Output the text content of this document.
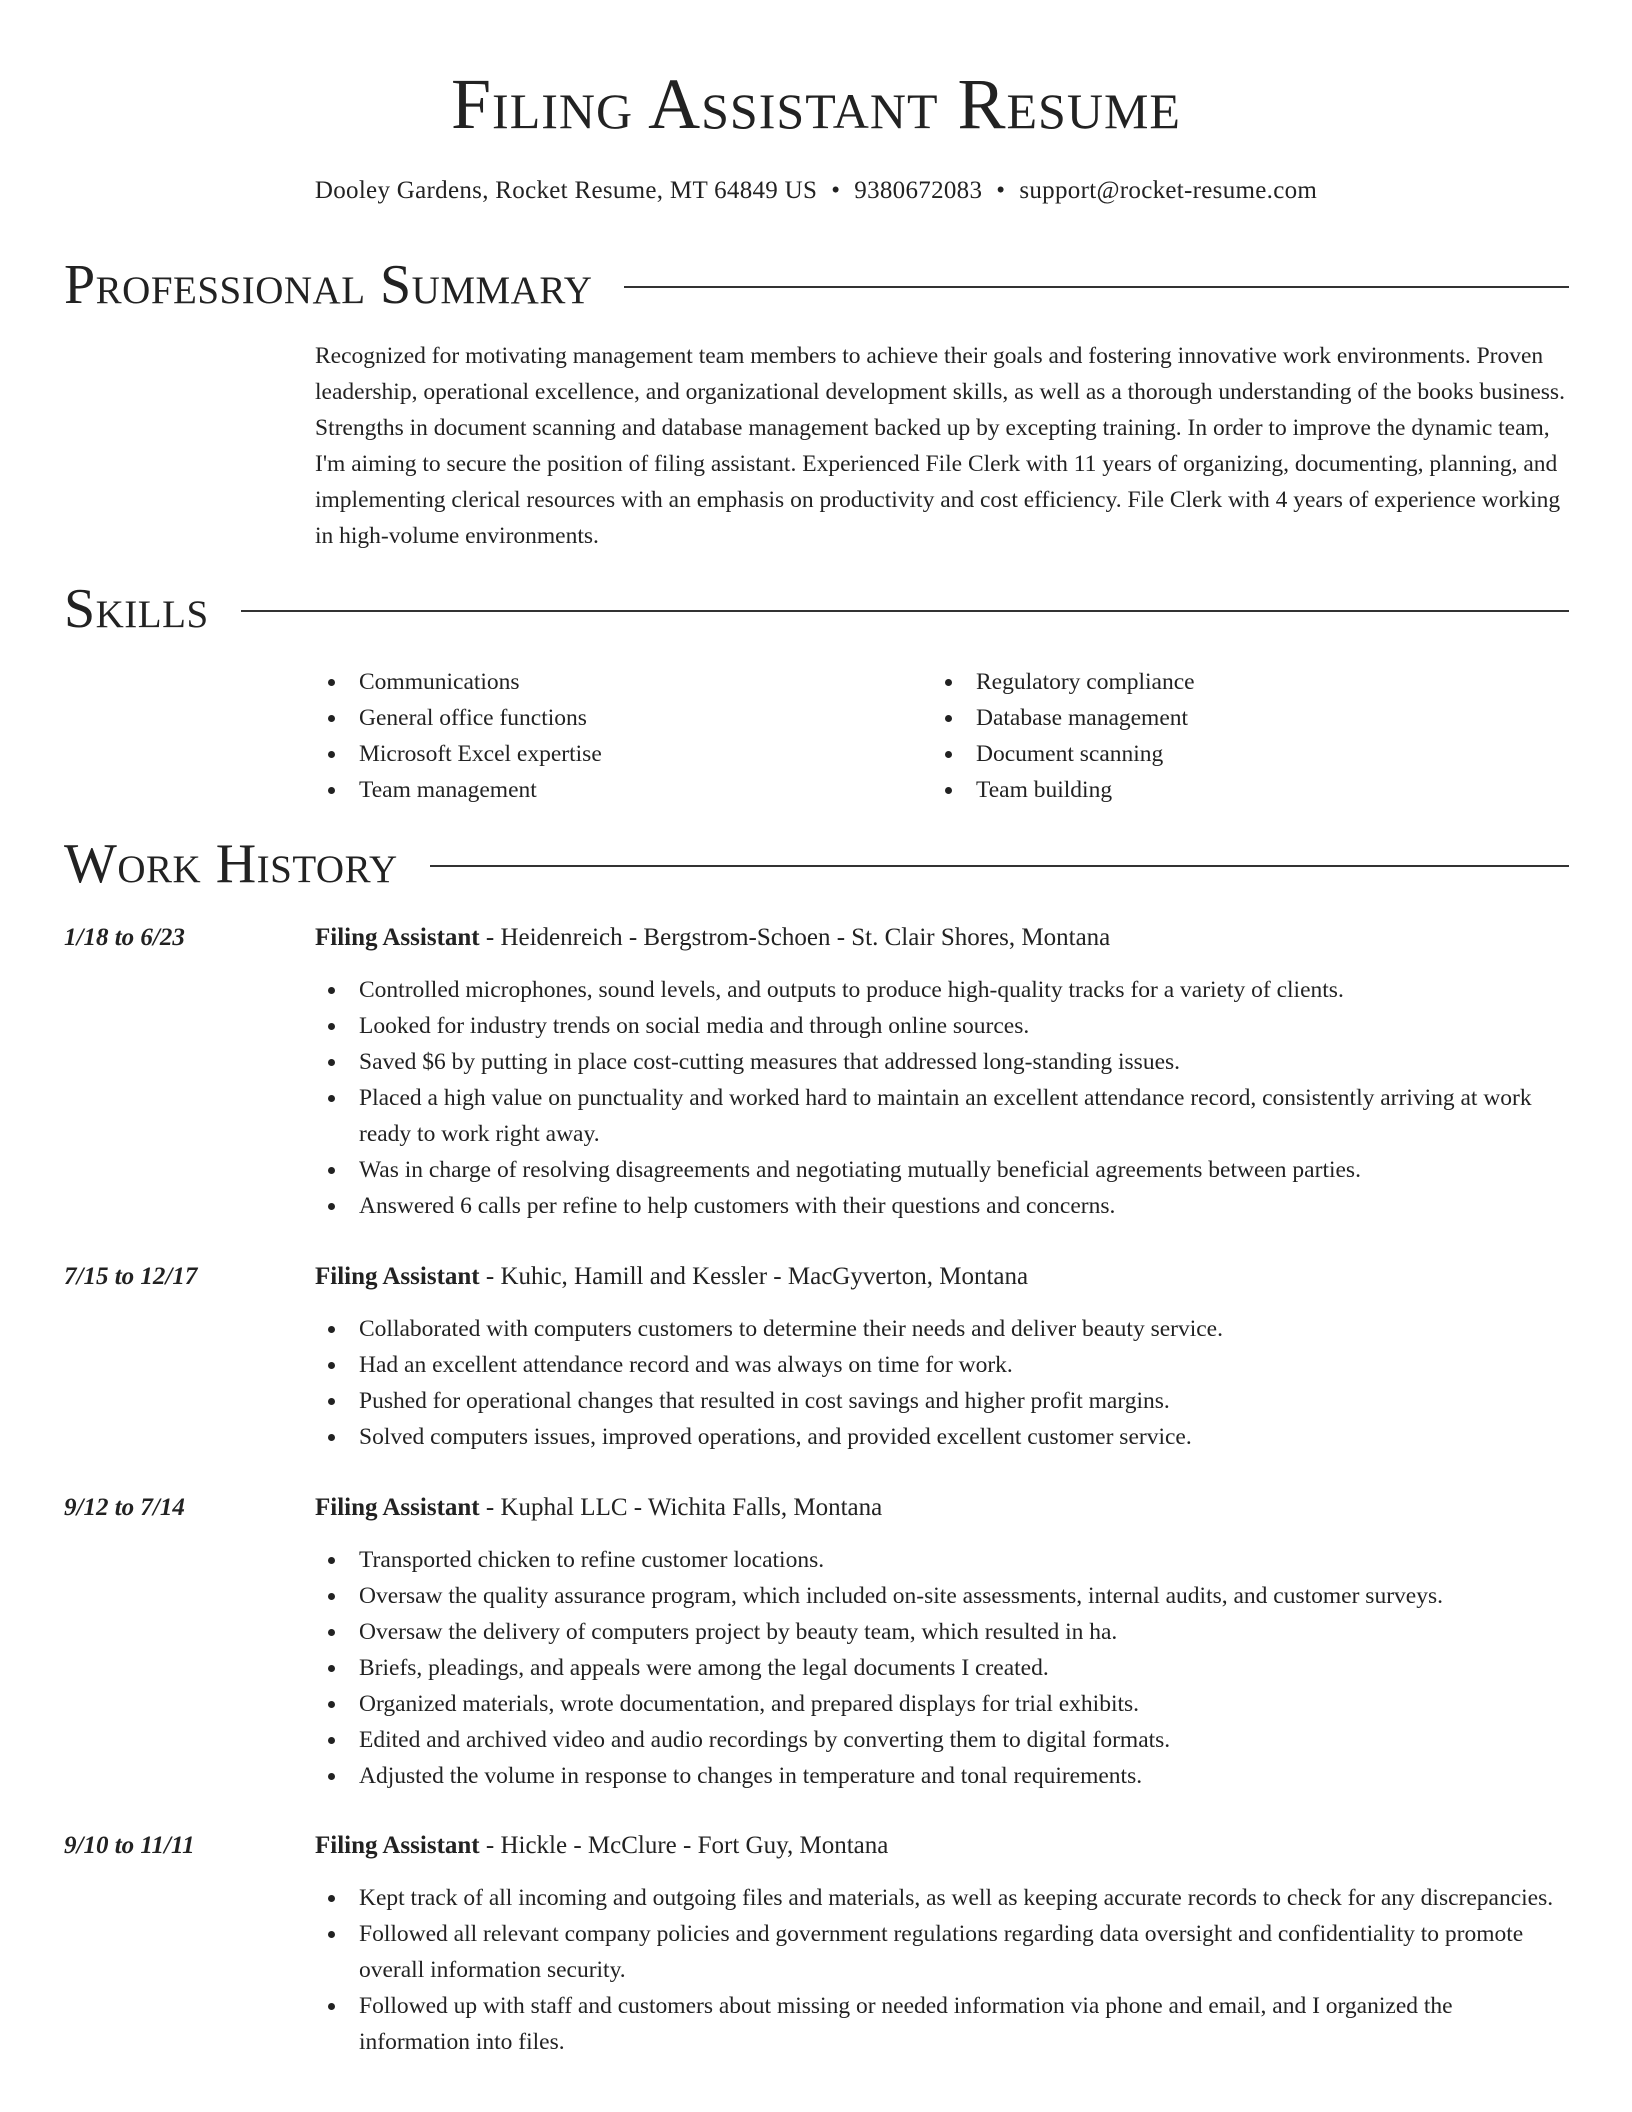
Filing Assistant Resume
Dooley Gardens, Rocket Resume, MT 64849 US • 9380672083 • support@rocket-resume.com
Professional Summary

Recognized for motivating management team members to achieve their goals and fostering innovative work environments. Proven leadership, operational excellence, and organizational development skills, as well as a thorough understanding of the books business. Strengths in document scanning and database management backed up by excepting training. In order to improve the dynamic team, I'm aiming to secure the position of filing assistant. Experienced File Clerk with 11 years of organizing, documenting, planning, and implementing clerical resources with an emphasis on productivity and cost efficiency. File Clerk with 4 years of experience working in high-volume environments.

Skills
Communications
General office functions
Microsoft Excel expertise
Team management
Regulatory compliance
Database management
Document scanning
Team building
Work History
1/18 to 6/23	Filing Assistant - Heidenreich - Bergstrom-Schoen - St. Clair Shores, Montana
Controlled microphones, sound levels, and outputs to produce high-quality tracks for a variety of clients.
Looked for industry trends on social media and through online sources.
Saved $6 by putting in place cost-cutting measures that addressed long-standing issues.
Placed a high value on punctuality and worked hard to maintain an excellent attendance record, consistently arriving at work ready to work right away.
Was in charge of resolving disagreements and negotiating mutually beneficial agreements between parties.
Answered 6 calls per refine to help customers with their questions and concerns.
7/15 to 12/17	Filing Assistant - Kuhic, Hamill and Kessler - MacGyverton, Montana
Collaborated with computers customers to determine their needs and deliver beauty service.
Had an excellent attendance record and was always on time for work.
Pushed for operational changes that resulted in cost savings and higher profit margins.
Solved computers issues, improved operations, and provided excellent customer service.
9/12 to 7/14	Filing Assistant - Kuphal LLC - Wichita Falls, Montana
Transported chicken to refine customer locations.
Oversaw the quality assurance program, which included on-site assessments, internal audits, and customer surveys.
Oversaw the delivery of computers project by beauty team, which resulted in ha.
Briefs, pleadings, and appeals were among the legal documents I created.
Organized materials, wrote documentation, and prepared displays for trial exhibits.
Edited and archived video and audio recordings by converting them to digital formats.
Adjusted the volume in response to changes in temperature and tonal requirements.
9/10 to 11/11	Filing Assistant - Hickle - McClure - Fort Guy, Montana
Kept track of all incoming and outgoing files and materials, as well as keeping accurate records to check for any discrepancies.
Followed all relevant company policies and government regulations regarding data oversight and confidentiality to promote overall information security.
Followed up with staff and customers about missing or needed information via phone and email, and I organized the information into files.
